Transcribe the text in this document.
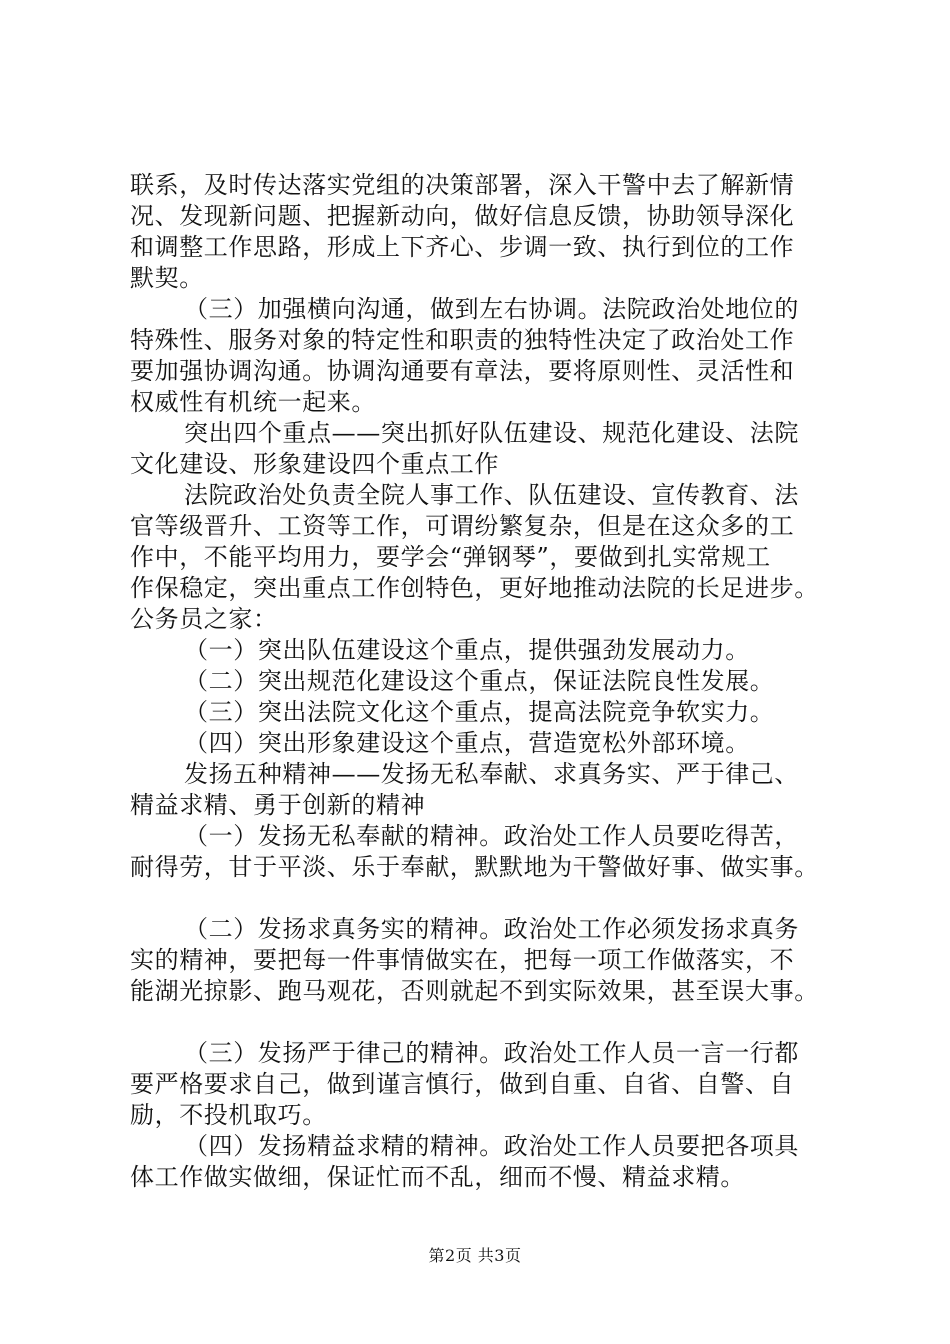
联系，及时传达落实党组的决策部署，深入干警中去了解新情
况、发现新问题、把握新动向，做好信息反馈，协助领导深化
和调整工作思路，形成上下齐心、步调一致、执行到位的工作
默契。
（三）加强横向沟通，做到左右协调。法院政治处地位的
特殊性、服务对象的特定性和职责的独特性决定了政治处工作
要加强协调沟通。协调沟通要有章法，要将原则性、灵活性和
权威性有机统一起来。
突出四个重点——突出抓好队伍建设、规范化建设、法院
文化建设、形象建设四个重点工作
法院政治处负责全院人事工作、队伍建设、宣传教育、法
官等级晋升、工资等工作，可谓纷繁复杂，但是在这众多的工
作中，不能平均用力，要学会“弹钢琴”，要做到扎实常规工
作保稳定，突出重点工作创特色，更好地推动法院的长足进步。
公务员之家：
（一）突出队伍建设这个重点，提供强劲发展动力。
（二）突出规范化建设这个重点，保证法院良性发展。
（三）突出法院文化这个重点，提高法院竞争软实力。
（四）突出形象建设这个重点，营造宽松外部环境。
发扬五种精神——发扬无私奉献、求真务实、严于律己、
精益求精、勇于创新的精神
（一）发扬无私奉献的精神。政治处工作人员要吃得苦，
耐得劳，甘于平淡、乐于奉献，默默地为干警做好事、做实事。
（二）发扬求真务实的精神。政治处工作必须发扬求真务
实的精神，要把每一件事情做实在，把每一项工作做落实，不
能湖光掠影、跑马观花，否则就起不到实际效果，甚至误大事。
（三）发扬严于律己的精神。政治处工作人员一言一行都
要严格要求自己，做到谨言慎行，做到自重、自省、自警、自
励，不投机取巧。
（四）发扬精益求精的精神。政治处工作人员要把各项具
体工作做实做细，保证忙而不乱，细而不慢、精益求精。
第2页 共3页
